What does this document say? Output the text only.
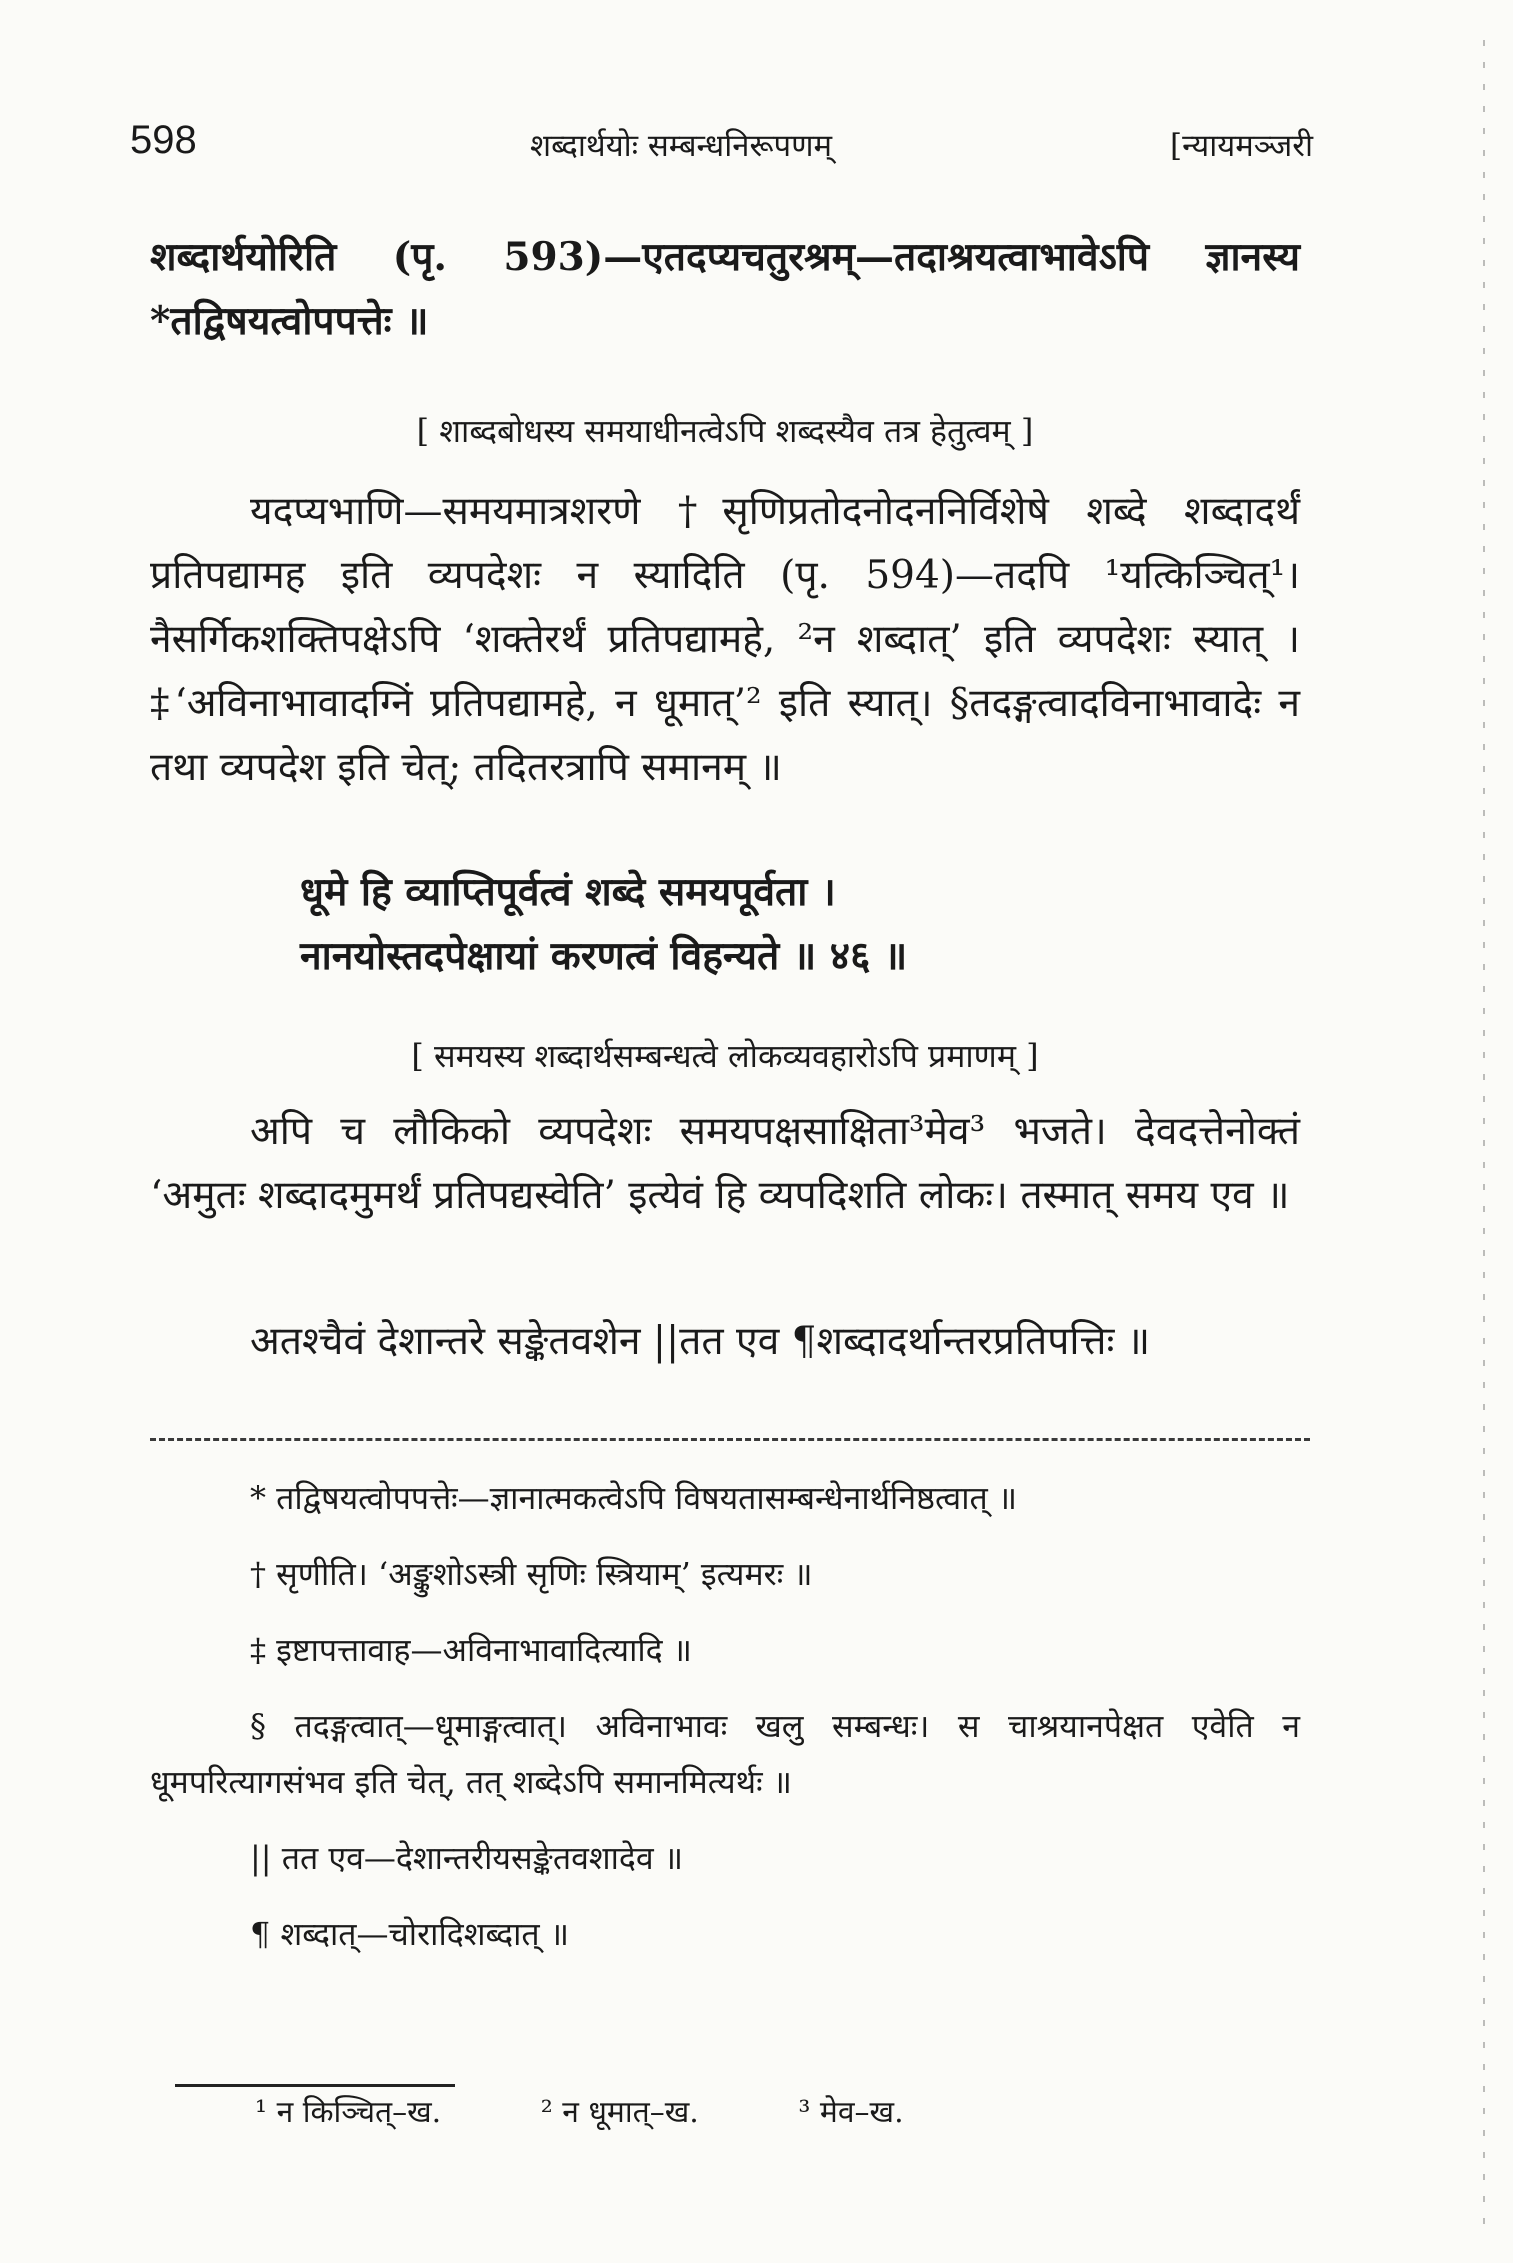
598	शब्दार्थयोः सम्बन्धनिरूपणम्	[न्यायमञ्जरी

शब्दार्थयोरिति (पृ. 593)—एतदप्यचतुरश्रम्—तदाश्रयत्वाभावेऽपि ज्ञानस्य *तद्विषयत्वोपपत्तेः ॥

[ शाब्दबोधस्य समयाधीनत्वेऽपि शब्दस्यैव तत्र हेतुत्वम् ]

यदप्यभाणि—समयमात्रशरणे †सृणिप्रतोदनोदननिर्विशेषे शब्दे शब्दादर्थं प्रतिपद्यामह इति व्यपदेशः न स्यादिति (पृ. 594)—तदपि ¹यत्किञ्चित्¹। नैसर्गिकशक्तिपक्षेऽपि ‘शक्तेरर्थं प्रतिपद्यामहे, ²न शब्दात्’ इति व्यपदेशः स्यात् ।‡‘अविनाभावादग्निं प्रतिपद्यामहे, न धूमात्’² इति स्यात्। §तदङ्गत्वादविनाभावादेः न तथा व्यपदेश इति चेत्; तदितरत्रापि समानम् ॥

धूमे हि व्याप्तिपूर्वत्वं शब्दे समयपूर्वता ।
नानयोस्तदपेक्षायां करणत्वं विहन्यते ॥ ४६ ॥
[ समयस्य शब्दार्थसम्बन्धत्वे लोकव्यवहारोऽपि प्रमाणम् ]

अपि च लौकिको व्यपदेशः समयपक्षसाक्षिता³मेव³ भजते। देवदत्तेनोक्तं ‘अमुतः शब्दादमुमर्थं प्रतिपद्यस्वेति’ इत्येवं हि व्यपदिशति लोकः। तस्मात् समय एव ॥

अतश्चैवं देशान्तरे सङ्केतवशेन ||तत एव ¶शब्दादर्थान्तरप्रतिपत्तिः ॥

* तद्विषयत्वोपपत्तेः—ज्ञानात्मकत्वेऽपि विषयतासम्बन्धेनार्थनिष्ठत्वात् ॥

† सृणीति। ‘अङ्कुशोऽस्त्री सृणिः स्त्रियाम्’ इत्यमरः ॥

‡ इष्टापत्तावाह—अविनाभावादित्यादि ॥

§ तदङ्गत्वात्—धूमाङ्गत्वात्। अविनाभावः खलु सम्बन्धः। स चाश्रयानपेक्षत एवेति न धूमपरित्यागसंभव इति चेत्, तत् शब्देऽपि समानमित्यर्थः ॥

|| तत एव—देशान्तरीयसङ्केतवशादेव ॥

¶ शब्दात्—चोरादिशब्दात् ॥

¹ न किञ्चित्–ख.	² न धूमात्–ख.	³ मेव–ख.
